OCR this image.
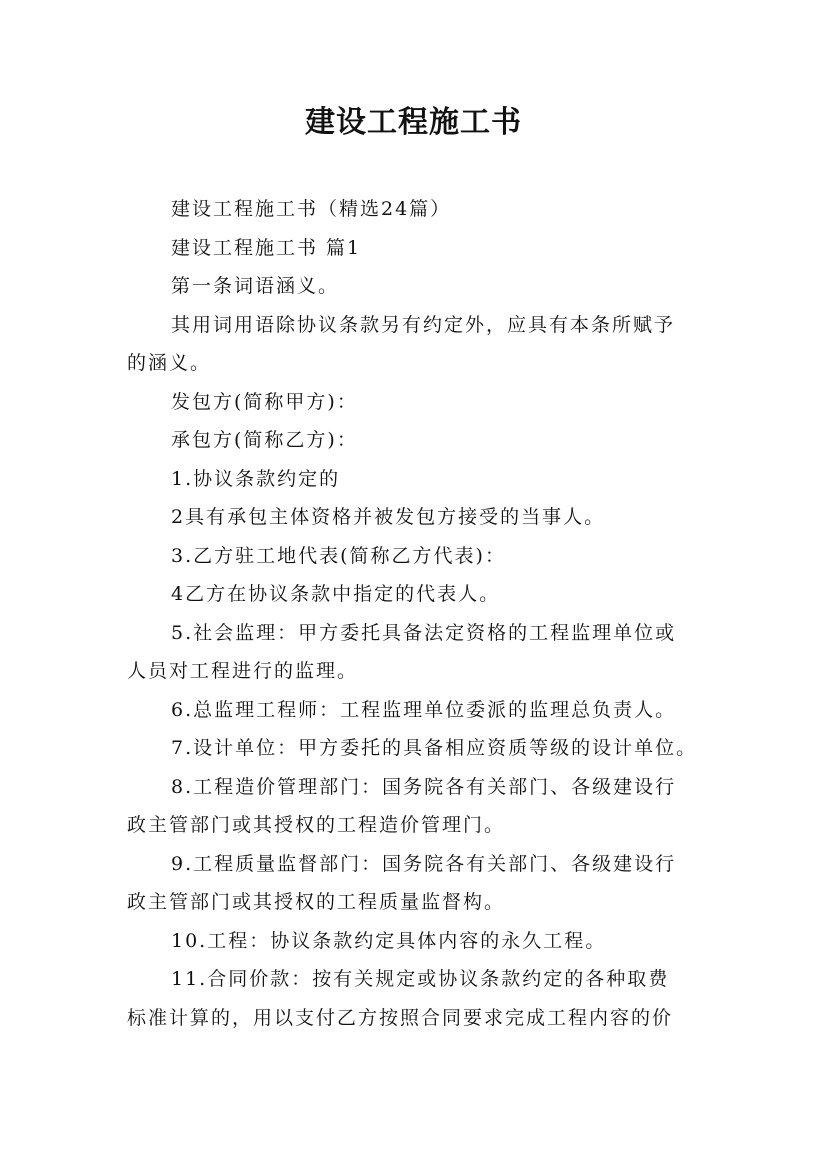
建设工程施工书

建设工程施工书（精选24篇）

建设工程施工书 篇1

第一条词语涵义。

其用词用语除协议条款另有约定外，应具有本条所赋予

的涵义。

发包方(简称甲方)：

承包方(简称乙方)：

1.协议条款约定的

2具有承包主体资格并被发包方接受的当事人。

3.乙方驻工地代表(简称乙方代表)：

4乙方在协议条款中指定的代表人。

5.社会监理：甲方委托具备法定资格的工程监理单位或

人员对工程进行的监理。

6.总监理工程师：工程监理单位委派的监理总负责人。

7.设计单位：甲方委托的具备相应资质等级的设计单位。

8.工程造价管理部门：国务院各有关部门、各级建设行

政主管部门或其授权的工程造价管理门。

9.工程质量监督部门：国务院各有关部门、各级建设行

政主管部门或其授权的工程质量监督构。

10.工程：协议条款约定具体内容的永久工程。

11.合同价款：按有关规定或协议条款约定的各种取费

标准计算的，用以支付乙方按照合同要求完成工程内容的价
